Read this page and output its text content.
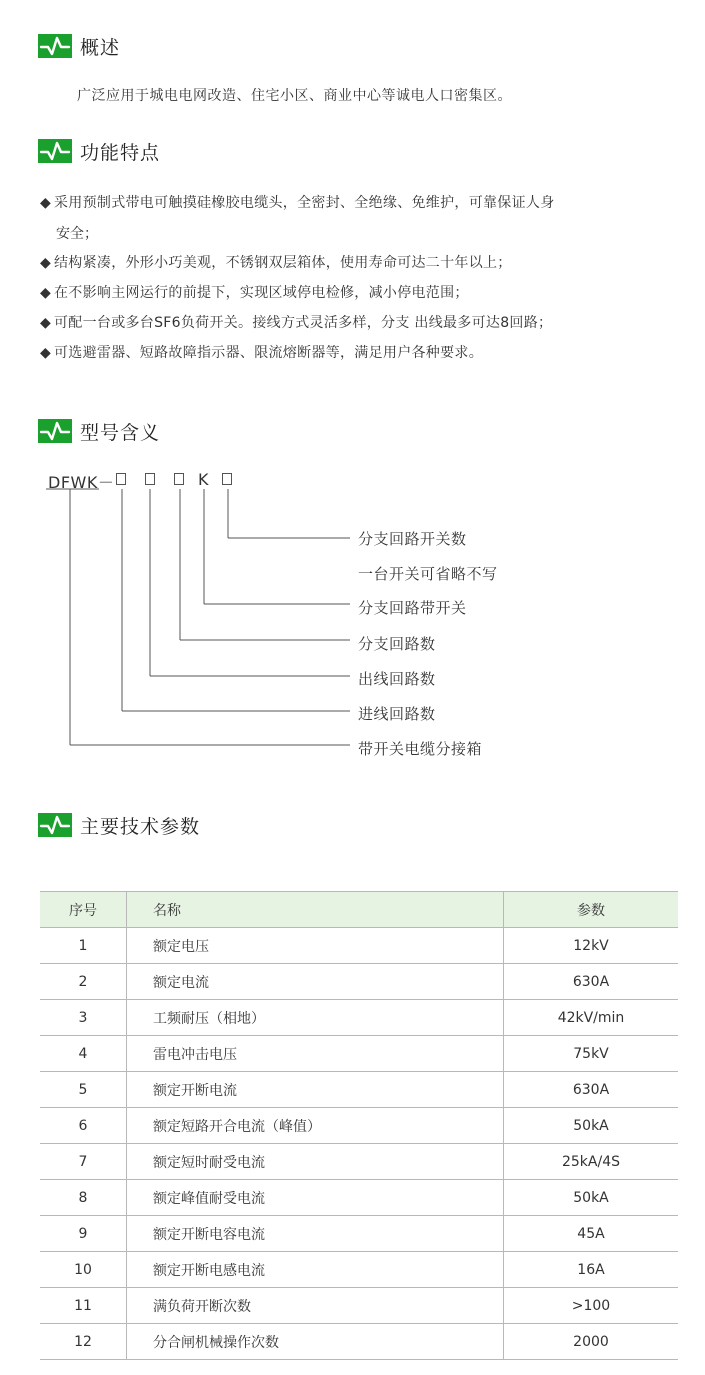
概述
广泛应用于城电电网改造、住宅小区、商业中心等诚电人口密集区。
功能特点
◆ 采用预制式带电可触摸硅橡胶电缆头，全密封、全绝缘、免维护，可靠保证人身
安全；
◆ 结构紧凑，外形小巧美观，不锈钢双层箱体，使用寿命可达二十年以上；
◆ 在不影响主网运行的前提下，实现区域停电检修，减小停电范围；
◆ 可配一台或多台SF6负荷开关。接线方式灵活多样，分支 出线最多可达8回路；
◆ 可选避雷器、短路故障指示器、限流熔断器等，满足用户各种要求。
型号含义
DFWK－	K
分支回路开关数
一台开关可省略不写
分支回路带开关
分支回路数
出线回路数
进线回路数
带开关电缆分接箱
主要技术参数
序号	名称	参数
1	额定电压	12kV
2	额定电流	630A
3	工频耐压（相地）	42kV/min
4	雷电冲击电压	75kV
5	额定开断电流	630A
6	额定短路开合电流（峰值）	50kA
7	额定短时耐受电流	25kA/4S
8	额定峰值耐受电流	50kA
9	额定开断电容电流	45A
10	额定开断电感电流	16A
11	满负荷开断次数	>100
12	分合闸机械操作次数	2000
